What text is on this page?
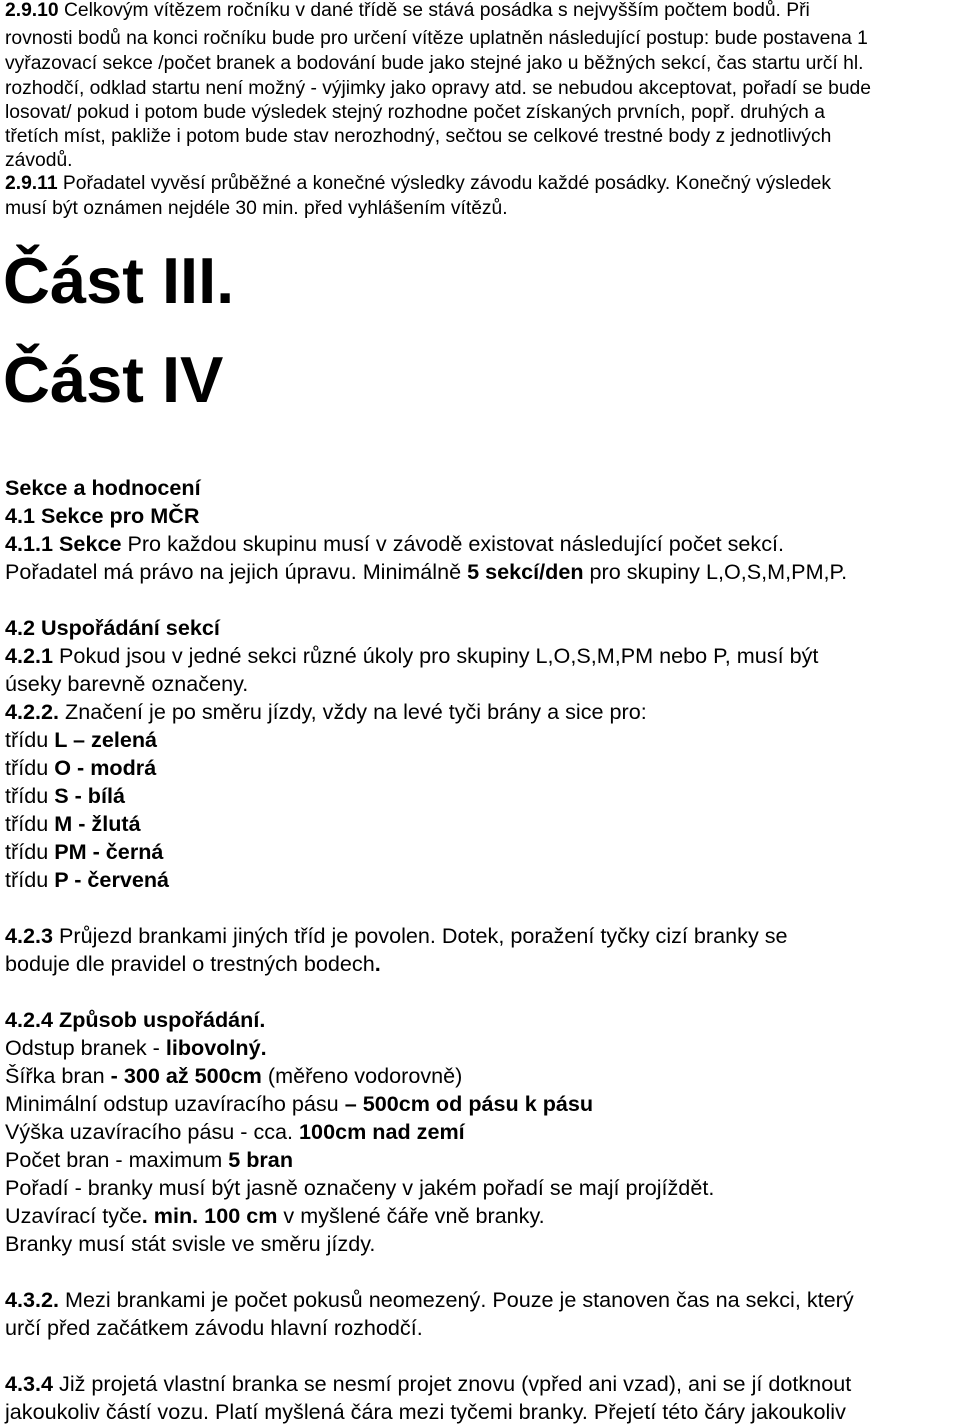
2.9.10 Celkovým vítězem ročníku v dané třídě se stává posádka s nejvyšším počtem bodů. Při
rovnosti bodů na konci ročníku bude pro určení vítěze uplatněn následující postup: bude postavena 1
vyřazovací sekce /počet branek a bodování bude jako stejné jako u běžných sekcí, čas startu určí hl.
rozhodčí, odklad startu není možný - výjimky jako opravy atd. se nebudou akceptovat, pořadí se bude
losovat/ pokud i potom bude výsledek stejný rozhodne počet získaných prvních, popř. druhých a
třetích míst, pakliže i potom bude stav nerozhodný, sečtou se celkové trestné body z jednotlivých
závodů.
2.9.11 Pořadatel vyvěsí průběžné a konečné výsledky závodu každé posádky. Konečný výsledek
musí být oznámen nejdéle 30 min. před vyhlášením vítězů.
Část III.
Část IV
Sekce a hodnocení
4.1 Sekce pro MČR
4.1.1 Sekce Pro každou skupinu musí v závodě existovat následující počet sekcí.
Pořadatel má právo na jejich úpravu. Minimálně 5 sekcí/den pro skupiny L,O,S,M,PM,P.
4.2 Uspořádání sekcí
4.2.1 Pokud jsou v jedné sekci různé úkoly pro skupiny L,O,S,M,PM nebo P, musí být
úseky barevně označeny.
4.2.2. Značení je po směru jízdy, vždy na levé tyči brány a sice pro:
třídu L – zelená
třídu O - modrá
třídu S - bílá
třídu M - žlutá
třídu PM - černá
třídu P - červená
4.2.3 Průjezd brankami jiných tříd je povolen. Dotek, poražení tyčky cizí branky se
boduje dle pravidel o trestných bodech.
4.2.4 Způsob uspořádání.
Odstup branek - libovolný.
Šířka bran - 300 až 500cm (měřeno vodorovně)
Minimální odstup uzavíracího pásu – 500cm od pásu k pásu
Výška uzavíracího pásu - cca. 100cm nad zemí
Počet bran - maximum 5 bran
Pořadí - branky musí být jasně označeny v jakém pořadí se mají projíždět.
Uzavírací tyče. min. 100 cm v myšlené čáře vně branky.
Branky musí stát svisle ve směru jízdy.
4.3.2. Mezi brankami je počet pokusů neomezený. Pouze je stanoven čas na sekci, který
určí před začátkem závodu hlavní rozhodčí.
4.3.4 Již projetá vlastní branka se nesmí projet znovu (vpřed ani vzad), ani se jí dotknout
jakoukoliv částí vozu. Platí myšlená čára mezi tyčemi branky. Přejetí této čáry jakoukoliv
